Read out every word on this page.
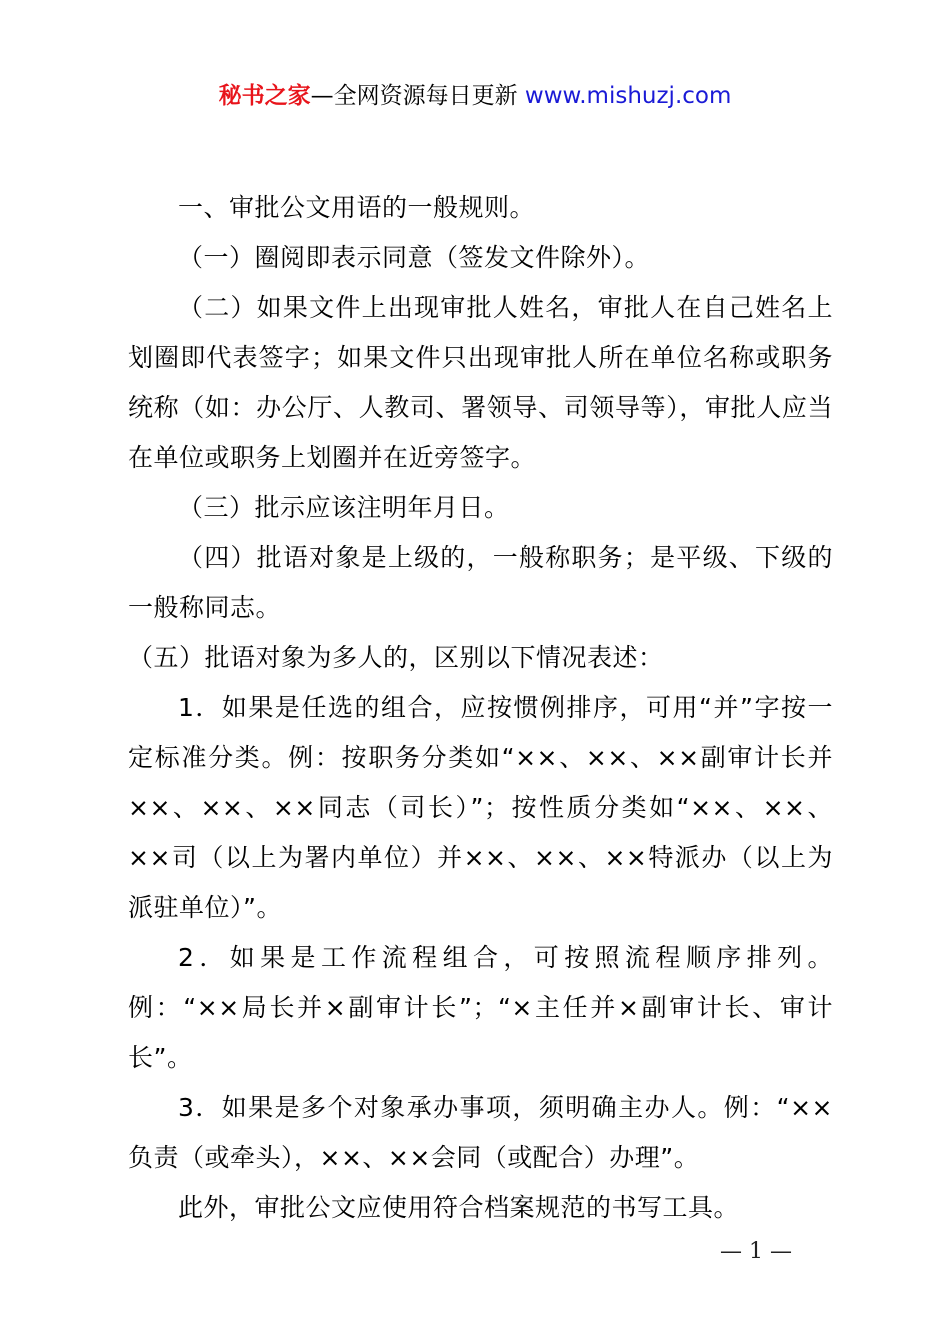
秘书之家—全网资源每日更新 www.mishuzj.com

一、审批公文用语的一般规则。

（一）圈阅即表示同意（签发文件除外）。

（二）如果文件上出现审批人姓名，审批人在自己姓名上划圈即代表签字；如果文件只出现审批人所在单位名称或职务统称（如：办公厅、人教司、署领导、司领导等），审批人应当在单位或职务上划圈并在近旁签字。

（三）批示应该注明年月日。

（四）批语对象是上级的，一般称职务；是平级、下级的一般称同志。

（五）批语对象为多人的，区别以下情况表述：

1．如果是任选的组合，应按惯例排序，可用“并”字按一定标准分类。例：按职务分类如“××、××、××副审计长并××、××、××同志（司长）”；按性质分类如“××、××、××司（以上为署内单位）并××、××、××特派办（以上为派驻单位）”。

2．如果是工作流程组合，可按照流程顺序排列。例：“××局长并×副审计长”；“×主任并×副审计长、审计长”。

3．如果是多个对象承办事项，须明确主办人。例：“××负责（或牵头），××、××会同（或配合）办理”。

此外，审批公文应使用符合档案规范的书写工具。

— 1 —
